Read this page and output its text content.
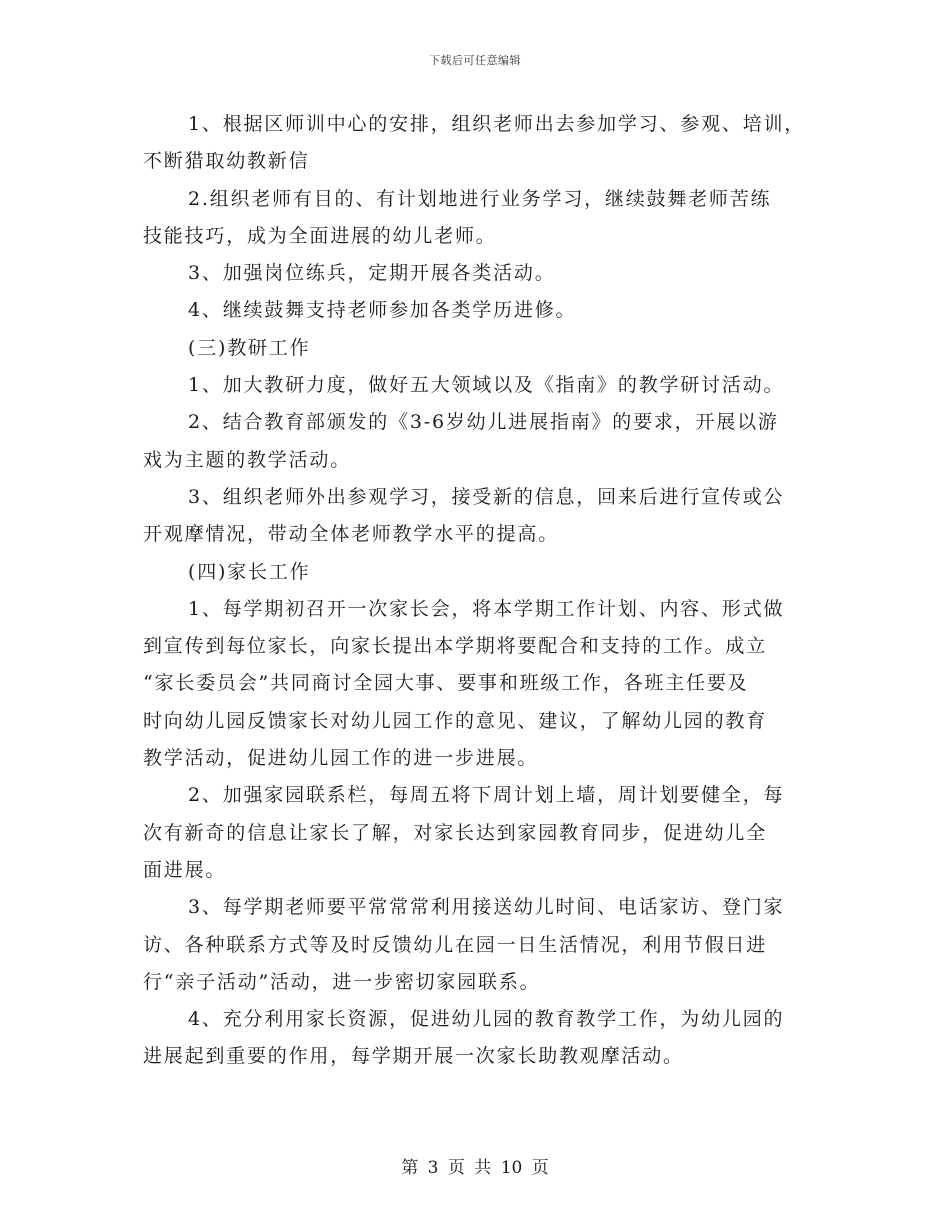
下载后可任意编辑

1、根据区师训中心的安排，组织老师出去参加学习、参观、培训，
不断猎取幼教新信

2.组织老师有目的、有计划地进行业务学习，继续鼓舞老师苦练
技能技巧，成为全面进展的幼儿老师。

3、加强岗位练兵，定期开展各类活动。

4、继续鼓舞支持老师参加各类学历进修。

(三)教研工作

1、加大教研力度，做好五大领域以及《指南》的教学研讨活动。

2、结合教育部颁发的《3-6岁幼儿进展指南》的要求，开展以游
戏为主题的教学活动。

3、组织老师外出参观学习，接受新的信息，回来后进行宣传或公
开观摩情况，带动全体老师教学水平的提高。

(四)家长工作

1、每学期初召开一次家长会，将本学期工作计划、内容、形式做
到宣传到每位家长，向家长提出本学期将要配合和支持的工作。成立
“家长委员会”共同商讨全园大事、要事和班级工作，各班主任要及
时向幼儿园反馈家长对幼儿园工作的意见、建议，了解幼儿园的教育
教学活动，促进幼儿园工作的进一步进展。

2、加强家园联系栏，每周五将下周计划上墙，周计划要健全，每
次有新奇的信息让家长了解，对家长达到家园教育同步，促进幼儿全
面进展。

3、每学期老师要平常常常利用接送幼儿时间、电话家访、登门家
访、各种联系方式等及时反馈幼儿在园一日生活情况，利用节假日进
行“亲子活动”活动，进一步密切家园联系。

4、充分利用家长资源，促进幼儿园的教育教学工作，为幼儿园的
进展起到重要的作用，每学期开展一次家长助教观摩活动。

第 3 页 共 10 页
